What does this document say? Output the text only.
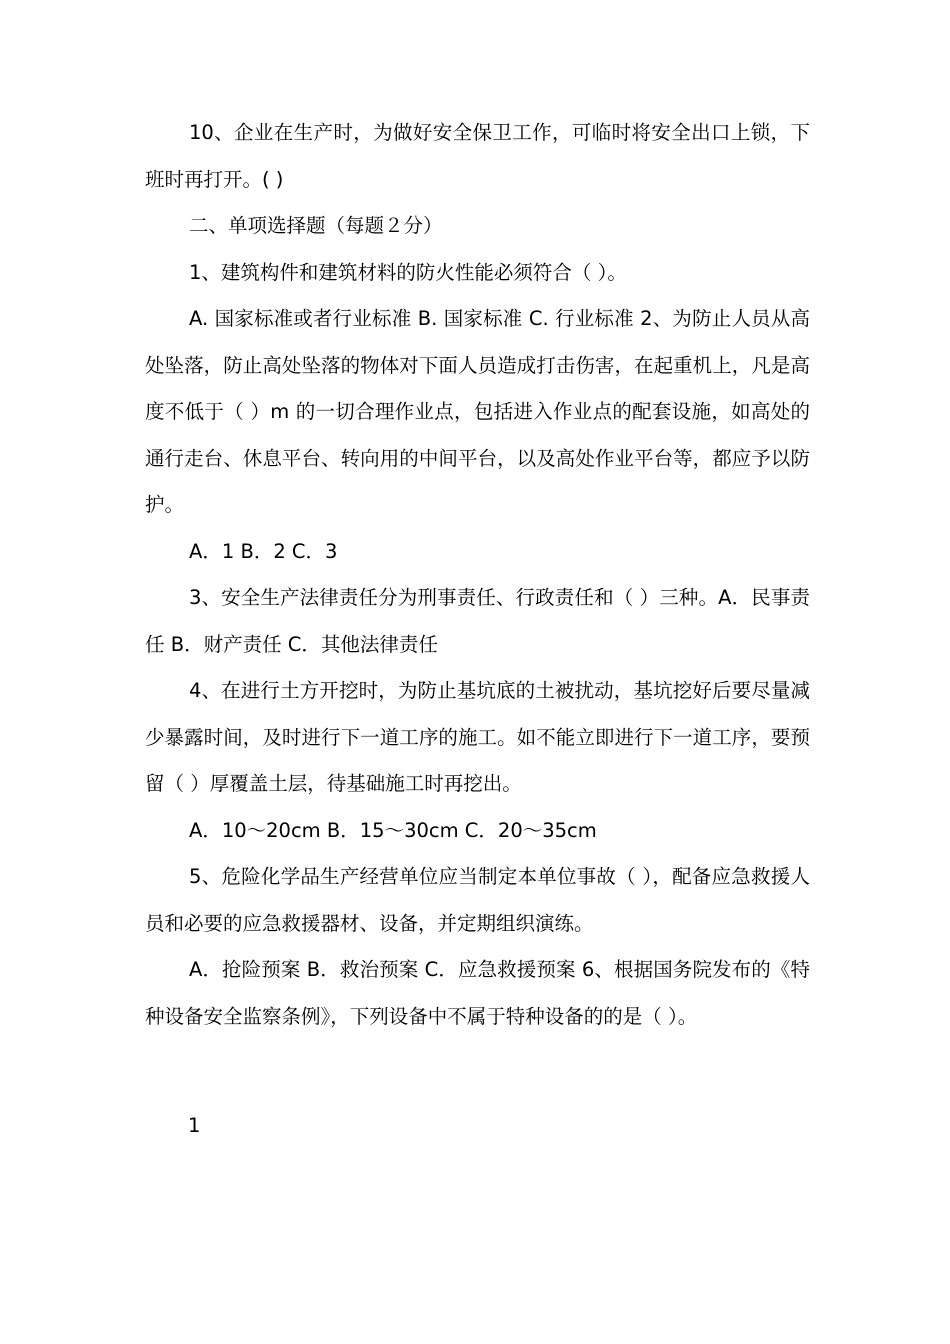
10、企业在生产时，为做好安全保卫工作，可临时将安全出口上锁，下班时再打开。( )

二、单项选择题（每题２分）

1、建筑构件和建筑材料的防火性能必须符合（ ）。

A. 国家标准或者行业标准 B. 国家标准 C. 行业标准 2、为防止人员从高处坠落，防止高处坠落的物体对下面人员造成打击伤害，在起重机上，凡是高度不低于（ ）m 的一切合理作业点，包括进入作业点的配套设施，如高处的通行走台、休息平台、转向用的中间平台，以及高处作业平台等，都应予以防护。

A．1 B．2 C．3

3、安全生产法律责任分为刑事责任、行政责任和（ ）三种。A．民事责任 B．财产责任 C．其他法律责任

4、在进行土方开挖时，为防止基坑底的土被扰动，基坑挖好后要尽量减少暴露时间，及时进行下一道工序的施工。如不能立即进行下一道工序，要预留（ ）厚覆盖土层，待基础施工时再挖出。

A．10～20cm B．15～30cm C．20～35cm

5、危险化学品生产经营单位应当制定本单位事故（ ），配备应急救援人员和必要的应急救援器材、设备，并定期组织演练。

A．抢险预案 B．救治预案 C．应急救援预案 6、根据国务院发布的《特种设备安全监察条例》，下列设备中不属于特种设备的的是（ ）。

1
